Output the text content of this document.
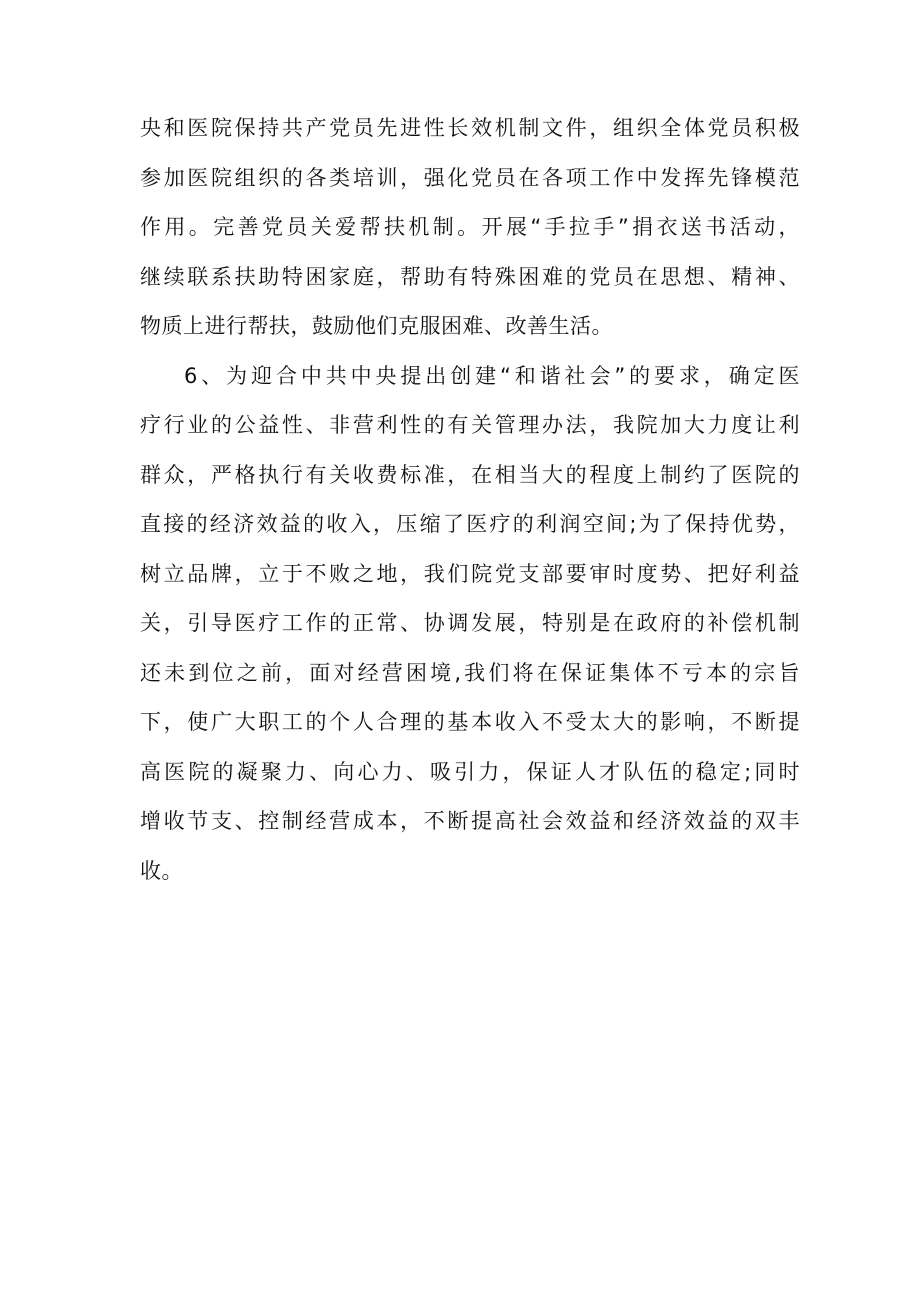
央和医院保持共产党员先进性长效机制文件，组织全体党员积极
参加医院组织的各类培训，强化党员在各项工作中发挥先锋模范
作用。完善党员关爱帮扶机制。开展“手拉手”捐衣送书活动，
继续联系扶助特困家庭，帮助有特殊困难的党员在思想、精神、
物质上进行帮扶，鼓励他们克服困难、改善生活。
6、为迎合中共中央提出创建“和谐社会”的要求，确定医
疗行业的公益性、非营利性的有关管理办法，我院加大力度让利
群众，严格执行有关收费标准，在相当大的程度上制约了医院的
直接的经济效益的收入，压缩了医疗的利润空间;为了保持优势，
树立品牌，立于不败之地，我们院党支部要审时度势、把好利益
关，引导医疗工作的正常、协调发展，特别是在政府的补偿机制
还未到位之前，面对经营困境,我们将在保证集体不亏本的宗旨
下，使广大职工的个人合理的基本收入不受太大的影响，不断提
高医院的凝聚力、向心力、吸引力，保证人才队伍的稳定;同时
增收节支、控制经营成本，不断提高社会效益和经济效益的双丰
收。
